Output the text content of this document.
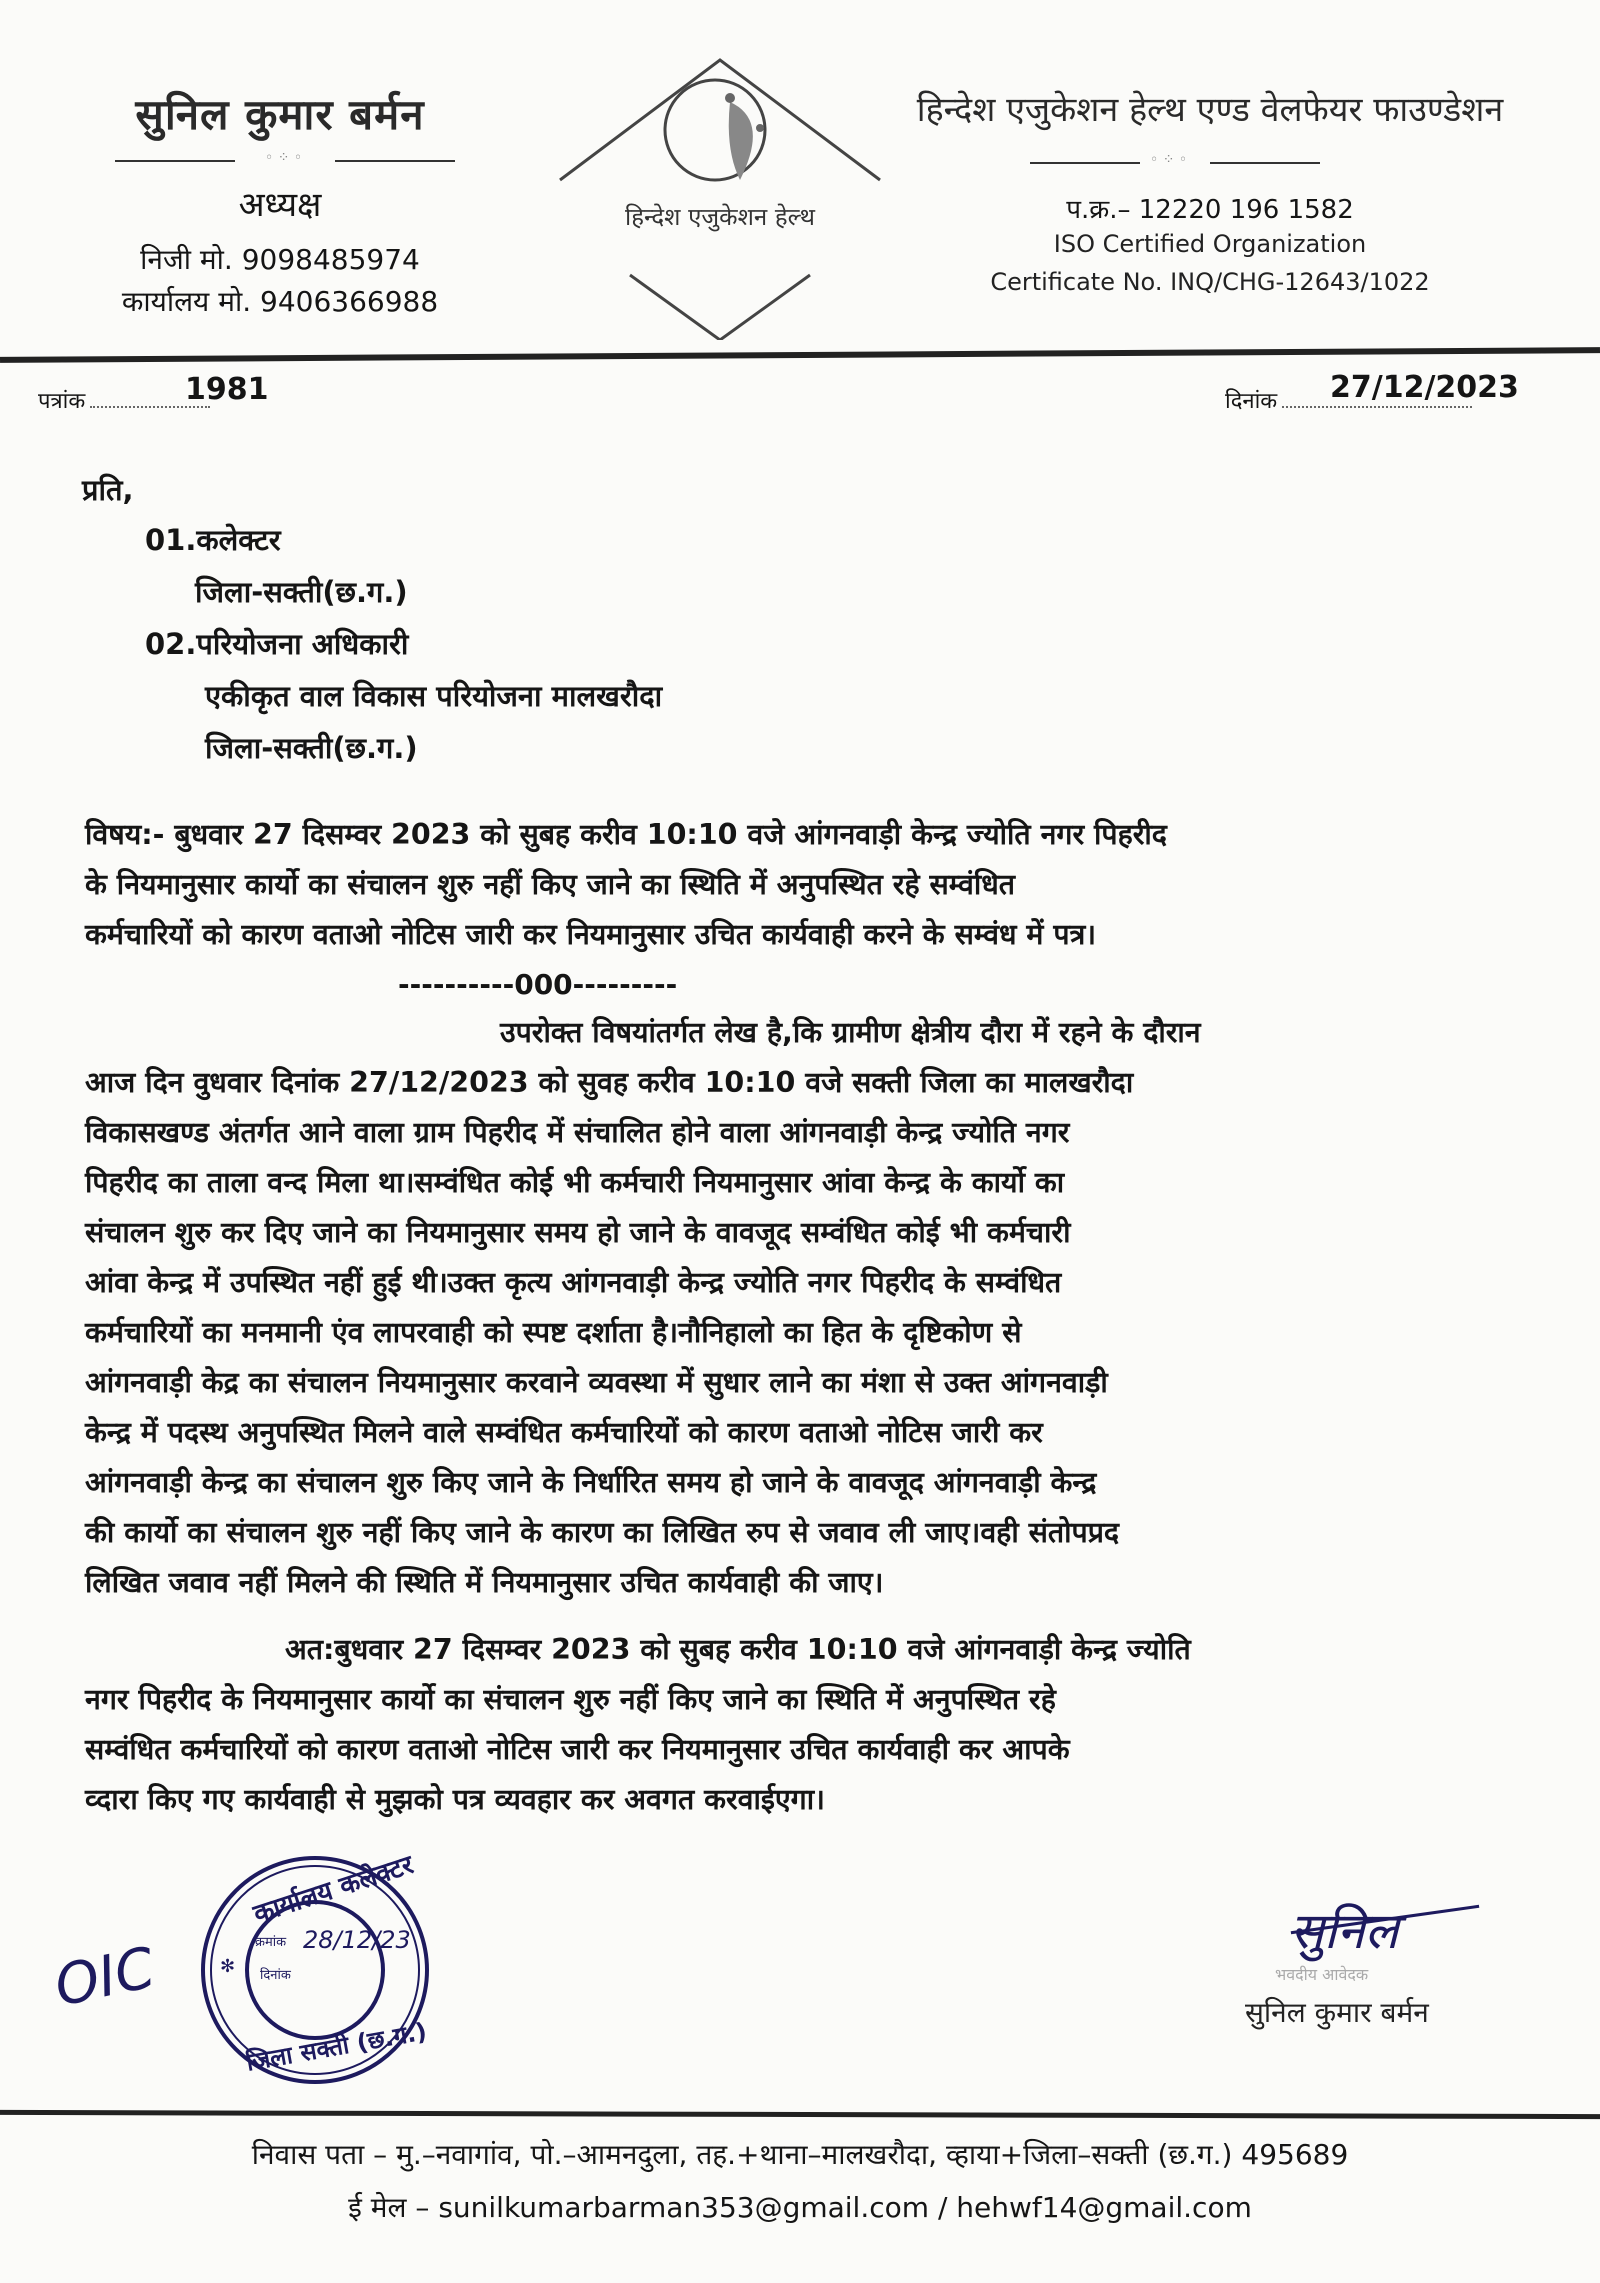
सुनिल कुमार बर्मन
◦ ⁘ ◦
अध्यक्ष
निजी मो. 9098485974
कार्यालय मो. 9406366988
हिन्देश एजुकेशन हेल्थ
हिन्देश एजुकेशन हेल्थ एण्ड वेलफेयर फाउण्डेशन
◦ ⁘ ◦
प.क्र.– 12220 196 1582
ISO Certified Organization
Certificate No. INQ/CHG-12643/1022
पत्रांक	1981	दिनांक	27/12/2023
प्रति,
01.कलेक्टर
जिला-सक्ती(छ.ग.)
02.परियोजना अधिकारी
एकीकृत वाल विकास परियोजना मालखरौदा
जिला-सक्ती(छ.ग.)
विषय:- बुधवार 27 दिसम्वर 2023 को सुबह करीव 10:10 वजे आंगनवाड़ी केन्द्र ज्योति नगर पिहरीद
के नियमानुसार कार्यो का संचालन शुरु नहीं किए जाने का स्थिति में अनुपस्थित रहे सम्वंधित
कर्मचारियों को कारण वताओ नोटिस जारी कर नियमानुसार उचित कार्यवाही करने के सम्वंध में पत्र।
----------000---------
उपरोक्त विषयांतर्गत लेख है,कि ग्रामीण क्षेत्रीय दौरा में रहने के दौरान
आज दिन वुधवार दिनांक 27/12/2023 को सुवह करीव 10:10 वजे सक्ती जिला का मालखरौदा
विकासखण्ड अंतर्गत आने वाला ग्राम पिहरीद में संचालित होने वाला आंगनवाड़ी केन्द्र ज्योति नगर
पिहरीद का ताला वन्द मिला था।सम्वंधित कोई भी कर्मचारी नियमानुसार आंवा केन्द्र के कार्यो का
संचालन शुरु कर दिए जाने का नियमानुसार समय हो जाने के वावजूद सम्वंधित कोई भी कर्मचारी
आंवा केन्द्र में उपस्थित नहीं हुई थी।उक्त कृत्य आंगनवाड़ी केन्द्र ज्योति नगर पिहरीद के सम्वंधित
कर्मचारियों का मनमानी एंव लापरवाही को स्पष्ट दर्शाता है।नौनिहालो का हित के दृष्टिकोण से
आंगनवाड़ी केद्र का संचालन नियमानुसार करवाने व्यवस्था में सुधार लाने का मंशा से उक्त आंगनवाड़ी
केन्द्र में पदस्थ अनुपस्थित मिलने वाले सम्वंधित कर्मचारियों को कारण वताओ नोटिस जारी कर
आंगनवाड़ी केन्द्र का संचालन शुरु किए जाने के निर्धारित समय हो जाने के वावजूद आंगनवाड़ी केन्द्र
की कार्यो का संचालन शुरु नहीं किए जाने के कारण का लिखित रुप से जवाव ली जाए।वही संतोपप्रद
लिखित जवाव नहीं मिलने की स्थिति में नियमानुसार उचित कार्यवाही की जाए।
अत:बुधवार 27 दिसम्वर 2023 को सुबह करीव 10:10 वजे आंगनवाड़ी केन्द्र ज्योति
नगर पिहरीद के नियमानुसार कार्यो का संचालन शुरु नहीं किए जाने का स्थिति में अनुपस्थित रहे
सम्वंधित कर्मचारियों को कारण वताओ नोटिस जारी कर नियमानुसार उचित कार्यवाही कर आपके
व्दारा किए गए कार्यवाही से मुझको पत्र व्यवहार कर अवगत करवाईएगा।
OIC
कार्यालय कलेक्टर
क्रमांक 28/12/23
दिनांक
✻
जिला सक्ती (छ.ग.)
सुनिल
भवदीय आवेदक
सुनिल कुमार बर्मन
निवास पता – मु.–नवागांव, पो.–आमनदुला, तह.+थाना–मालखरौदा, व्हाया+जिला–सक्ती (छ.ग.) 495689
ई मेल – sunilkumarbarman353@gmail.com / hehwf14@gmail.com
